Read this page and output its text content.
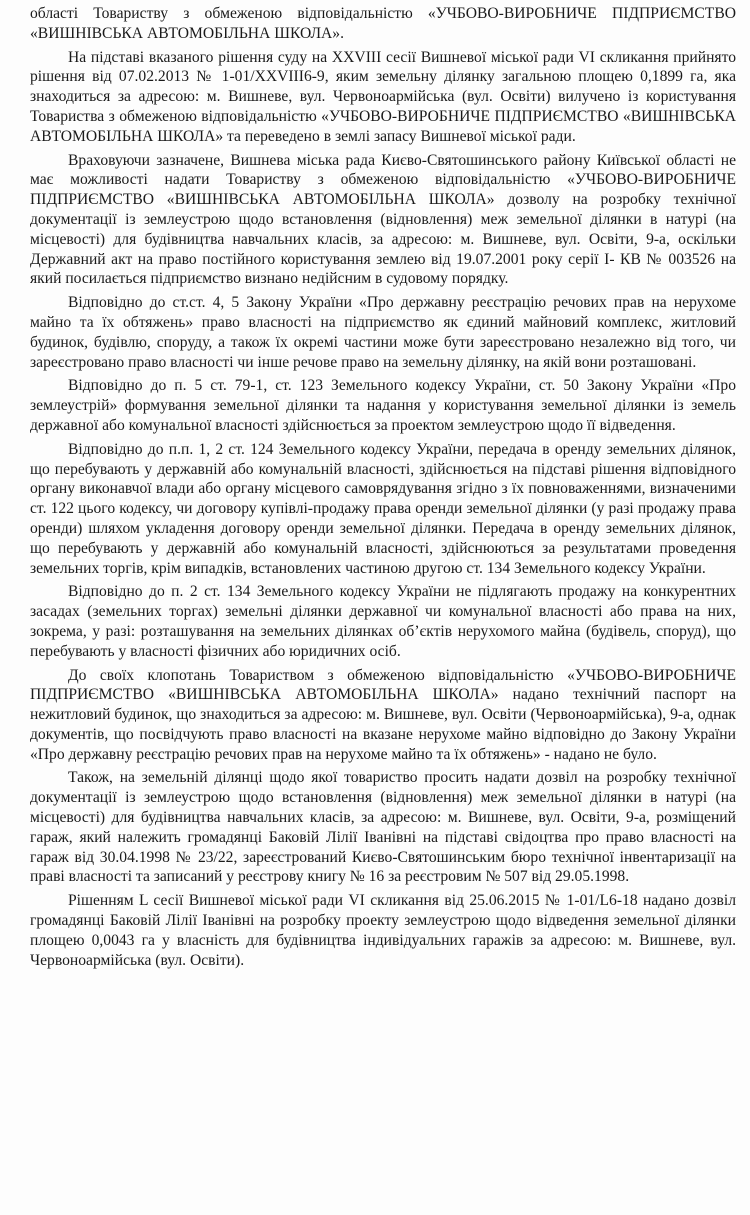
області Товариству з обмеженою відповідальністю «УЧБОВО-ВИРОБНИЧЕ ПІДПРИЄМСТВО «ВИШНІВСЬКА АВТОМОБІЛЬНА ШКОЛА».

На підставі вказаного рішення суду на XXVIII сесії Вишневої міської ради VI скликання прийнято рішення від 07.02.2013 № 1-01/XXVIII6-9, яким земельну ділянку загальною площею 0,1899 га, яка знаходиться за адресою: м. Вишневе, вул. Червоноармійська (вул. Освіти) вилучено із користування Товариства з обмеженою відповідальністю «УЧБОВО-ВИРОБНИЧЕ ПІДПРИЄМСТВО «ВИШНІВСЬКА АВТОМОБІЛЬНА ШКОЛА» та переведено в землі запасу Вишневої міської ради.

Враховуючи зазначене, Вишнева міська рада Києво-Святошинського району Київської області не має можливості надати Товариству з обмеженою відповідальністю «УЧБОВО-ВИРОБНИЧЕ ПІДПРИЄМСТВО «ВИШНІВСЬКА АВТОМОБІЛЬНА ШКОЛА» дозволу на розробку технічної документації із землеустрою щодо встановлення (відновлення) меж земельної ділянки в натурі (на місцевості) для будівництва навчальних класів, за адресою: м. Вишневе, вул. Освіти, 9-а, оскільки Державний акт на право постійного користування землею від 19.07.2001 року серії І- КВ № 003526 на який посилається підприємство визнано недійсним в судовому порядку.

Відповідно до ст.ст. 4, 5 Закону України «Про державну реєстрацію речових прав на нерухоме майно та їх обтяжень» право власності на підприємство як єдиний майновий комплекс, житловий будинок, будівлю, споруду, а також їх окремі частини може бути зареєстровано незалежно від того, чи зареєстровано право власності чи інше речове право на земельну ділянку, на якій вони розташовані.

Відповідно до п. 5 ст. 79-1, ст. 123 Земельного кодексу України, ст. 50 Закону України «Про землеустрій» формування земельної ділянки та надання у користування земельної ділянки із земель державної або комунальної власності здійснюється за проектом землеустрою щодо її відведення.

Відповідно до п.п. 1, 2 ст. 124 Земельного кодексу України, передача в оренду земельних ділянок, що перебувають у державній або комунальній власності, здійснюється на підставі рішення відповідного органу виконавчої влади або органу місцевого самоврядування згідно з їх повноваженнями, визначеними ст. 122 цього кодексу, чи договору купівлі-продажу права оренди земельної ділянки (у разі продажу права оренди) шляхом укладення договору оренди земельної ділянки. Передача в оренду земельних ділянок, що перебувають у державній або комунальній власності, здійснюються за результатами проведення земельних торгів, крім випадків, встановлених частиною другою ст. 134 Земельного кодексу України.

Відповідно до п. 2 ст. 134 Земельного кодексу України не підлягають продажу на конкурентних засадах (земельних торгах) земельні ділянки державної чи комунальної власності або права на них, зокрема, у разі: розташування на земельних ділянках об’єктів нерухомого майна (будівель, споруд), що перебувають у власності фізичних або юридичних осіб.

До своїх клопотань Товариством з обмеженою відповідальністю «УЧБОВО-ВИРОБНИЧЕ ПІДПРИЄМСТВО «ВИШНІВСЬКА АВТОМОБІЛЬНА ШКОЛА» надано технічний паспорт на нежитловий будинок, що знаходиться за адресою: м. Вишневе, вул. Освіти (Червоноармійська), 9-а, однак документів, що посвідчують право власності на вказане нерухоме майно відповідно до Закону України «Про державну реєстрацію речових прав на нерухоме майно та їх обтяжень» - надано не було.

Також, на земельній ділянці щодо якої товариство просить надати дозвіл на розробку технічної документації із землеустрою щодо встановлення (відновлення) меж земельної ділянки в натурі (на місцевості) для будівництва навчальних класів, за адресою: м. Вишневе, вул. Освіти, 9-а, розміщений гараж, який належить громадянці Баковій Лілії Іванівні на підставі свідоцтва про право власності на гараж від 30.04.1998 № 23/22, зареєстрований Києво-Святошинським бюро технічної інвентаризації на праві власності та записаний у реєстрову книгу № 16 за реєстровим № 507 від 29.05.1998.

Рішенням L сесії Вишневої міської ради VI скликання від 25.06.2015 № 1-01/L6-18 надано дозвіл громадянці Баковій Лілії Іванівні на розробку проекту землеустрою щодо відведення земельної ділянки площею 0,0043 га у власність для будівництва індивідуальних гаражів за адресою: м. Вишневе, вул. Червоноармійська (вул. Освіти).
